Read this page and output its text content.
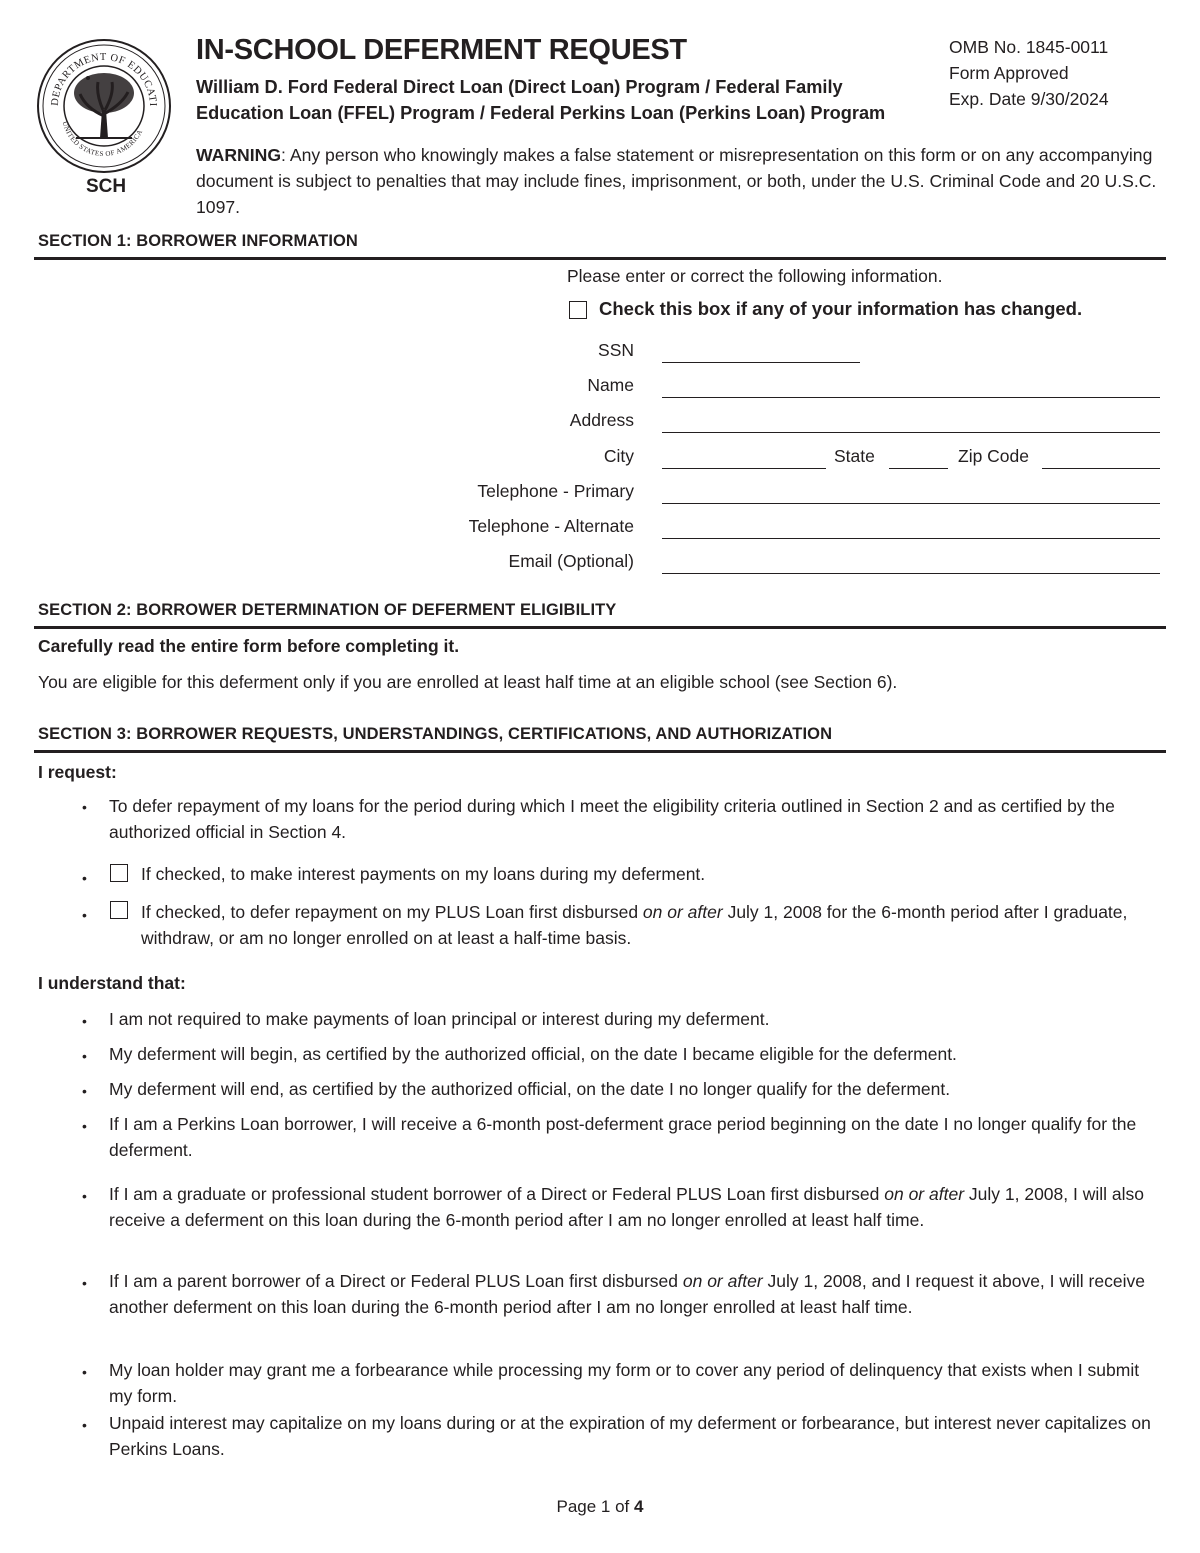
DEPARTMENT OF EDUCATI
UNITED STATES OF AMERICA
SCH
IN-SCHOOL DEFERMENT REQUEST
William D. Ford Federal Direct Loan (Direct Loan) Program / Federal Family
Education Loan (FFEL) Program / Federal Perkins Loan (Perkins Loan) Program
OMB No. 1845-0011
Form Approved
Exp. Date 9/30/2024
WARNING: Any person who knowingly makes a false statement or misrepresentation on this form or on any accompanying document is subject to penalties that may include fines, imprisonment, or both, under the U.S. Criminal Code and 20 U.S.C. 1097.
SECTION 1: BORROWER INFORMATION
Please enter or correct the following information.
Check this box if any of your information has changed.
SSN
Name
Address
City	State	Zip Code
Telephone - Primary
Telephone - Alternate
Email (Optional)
SECTION 2: BORROWER DETERMINATION OF DEFERMENT ELIGIBILITY
Carefully read the entire form before completing it.
You are eligible for this deferment only if you are enrolled at least half time at an eligible school (see Section 6).
SECTION 3: BORROWER REQUESTS, UNDERSTANDINGS, CERTIFICATIONS, AND AUTHORIZATION
I request:
• To defer repayment of my loans for the period during which I meet the eligibility criteria outlined in Section 2 and as certified by the authorized official in Section 4.
•	If checked, to make interest payments on my loans during my deferment.
•	If checked, to defer repayment on my PLUS Loan first disbursed on or after July 1, 2008 for the 6-month period after I graduate, withdraw, or am no longer enrolled on at least a half-time basis.
I understand that:
• I am not required to make payments of loan principal or interest during my deferment.
• My deferment will begin, as certified by the authorized official, on the date I became eligible for the deferment.
• My deferment will end, as certified by the authorized official, on the date I no longer qualify for the deferment.
• If I am a Perkins Loan borrower, I will receive a 6-month post-deferment grace period beginning on the date I no longer qualify for the deferment.
• If I am a graduate or professional student borrower of a Direct or Federal PLUS Loan first disbursed on or after July 1, 2008, I will also receive a deferment on this loan during the 6-month period after I am no longer enrolled at least half time.
• If I am a parent borrower of a Direct or Federal PLUS Loan first disbursed on or after July 1, 2008, and I request it above, I will receive another deferment on this loan during the 6-month period after I am no longer enrolled at least half time.
• My loan holder may grant me a forbearance while processing my form or to cover any period of delinquency that exists when I submit my form.
• Unpaid interest may capitalize on my loans during or at the expiration of my deferment or forbearance, but interest never capitalizes on Perkins Loans.
Page 1 of 4
